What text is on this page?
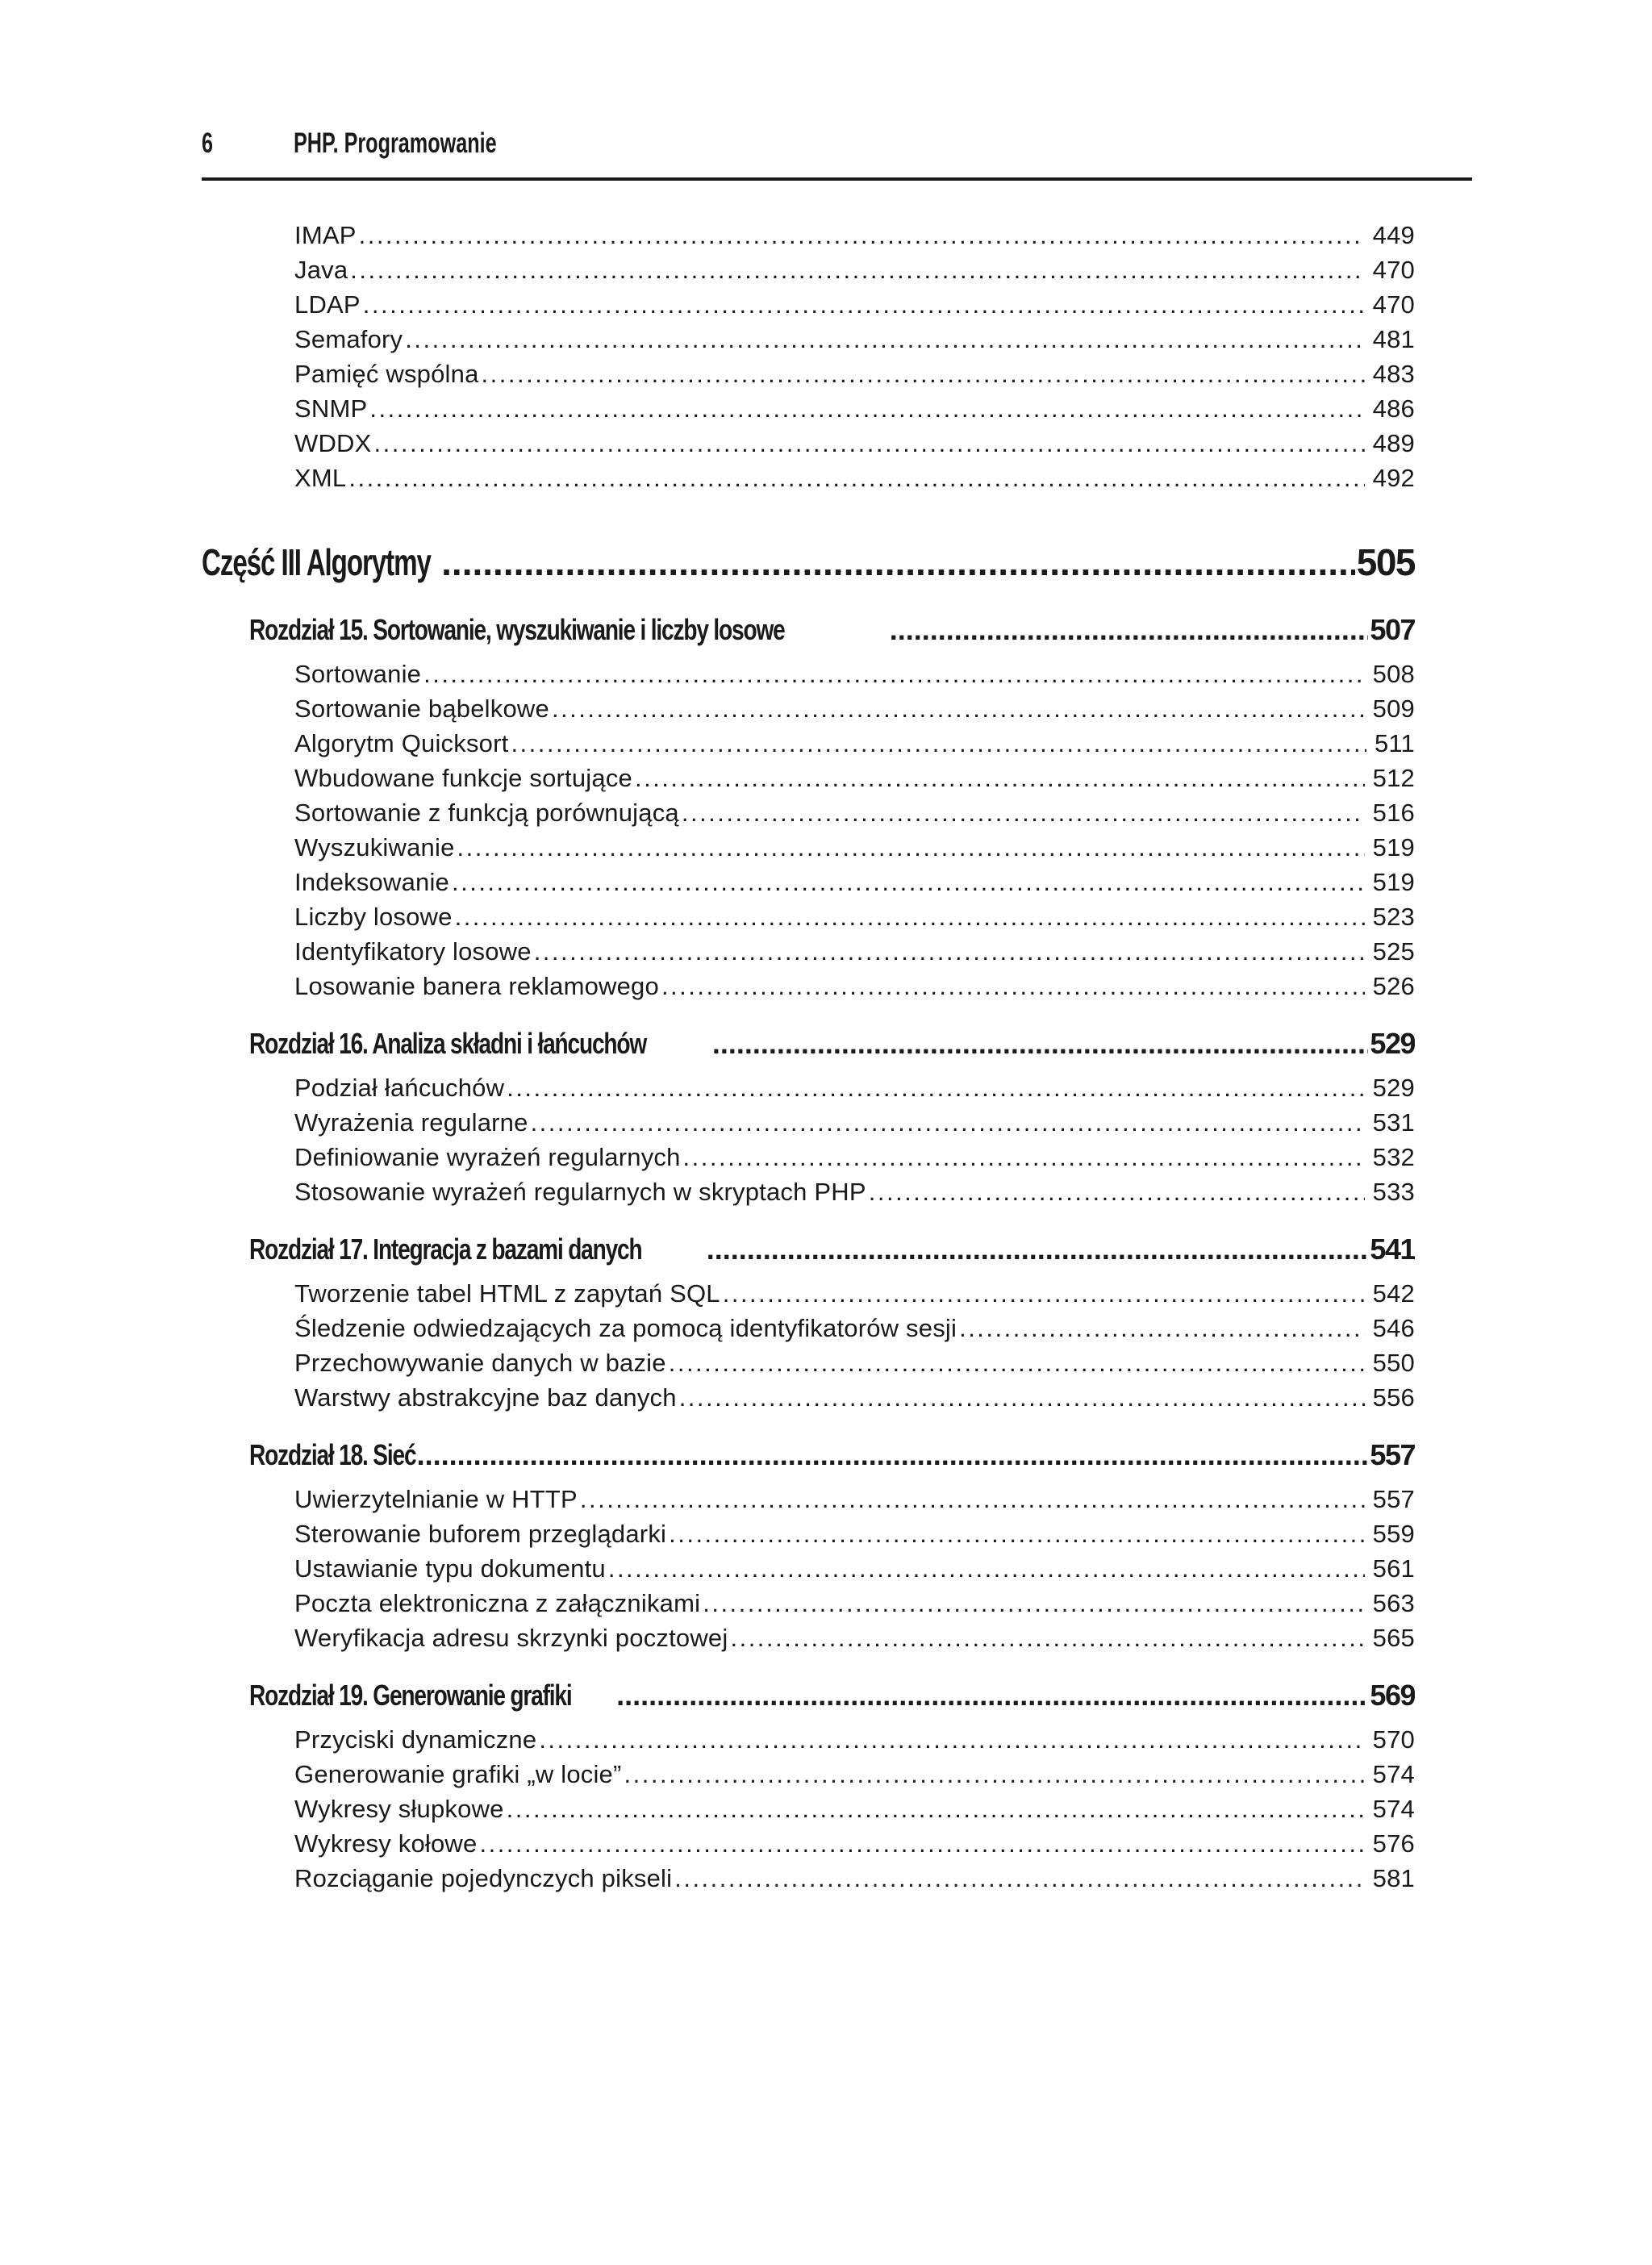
6	PHP. Programowanie
IMAP .....	449
Java .....	470
LDAP .....	470
Semafory .....	481
Pamięć wspólna .....	483
SNMP .....	486
WDDX .....	489
XML .....	492
Część III Algorytmy .....	505
Rozdział 15. Sortowanie, wyszukiwanie i liczby losowe .....	507
Sortowanie .....	508
Sortowanie bąbelkowe .....	509
Algorytm Quicksort .....	511
Wbudowane funkcje sortujące .....	512
Sortowanie z funkcją porównującą .....	516
Wyszukiwanie .....	519
Indeksowanie .....	519
Liczby losowe .....	523
Identyfikatory losowe .....	525
Losowanie banera reklamowego .....	526
Rozdział 16. Analiza składni i łańcuchów .....	529
Podział łańcuchów .....	529
Wyrażenia regularne .....	531
Definiowanie wyrażeń regularnych .....	532
Stosowanie wyrażeń regularnych w skryptach PHP .....	533
Rozdział 17. Integracja z bazami danych .....	541
Tworzenie tabel HTML z zapytań SQL .....	542
Śledzenie odwiedzających za pomocą identyfikatorów sesji .....	546
Przechowywanie danych w bazie .....	550
Warstwy abstrakcyjne baz danych .....	556
Rozdział 18. Sieć .....	557
Uwierzytelnianie w HTTP .....	557
Sterowanie buforem przeglądarki .....	559
Ustawianie typu dokumentu .....	561
Poczta elektroniczna z załącznikami .....	563
Weryfikacja adresu skrzynki pocztowej .....	565
Rozdział 19. Generowanie grafiki .....	569
Przyciski dynamiczne .....	570
Generowanie grafiki „w locie” .....	574
Wykresy słupkowe .....	574
Wykresy kołowe .....	576
Rozciąganie pojedynczych pikseli .....	581
